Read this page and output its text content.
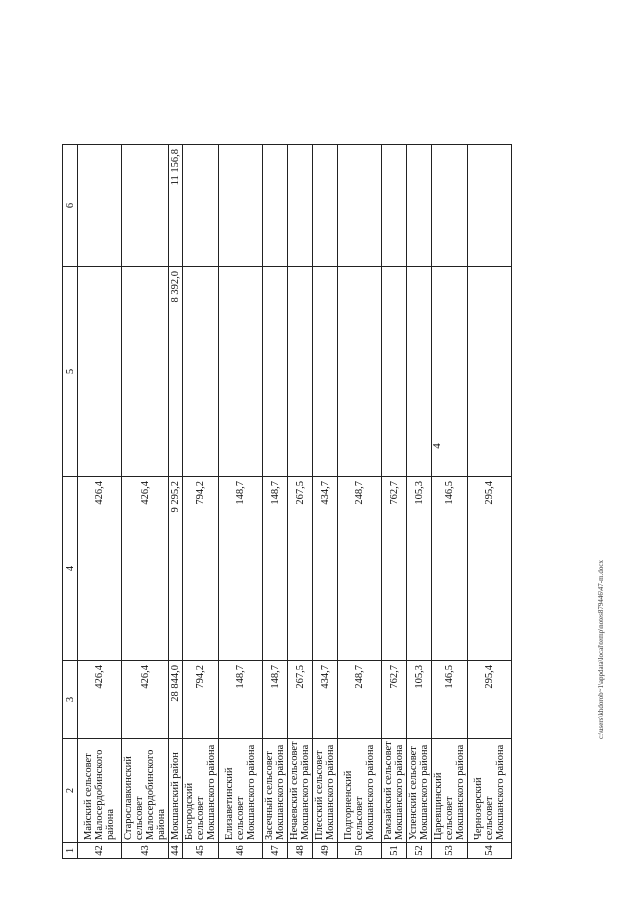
4
c:\users\khdorob~1\appdata\local\temp\notes879446\47-m.docx
1	2	3	4	5	6
42	Майский сельсовет Малосердобинского района	426,4	426,4		
43	Старославкинский сельсовет Малосердобинского района	426,4	426,4		
44	Мокшанский район	28 844,0	9 295,2	8 392,0	11 156,8
45	Богородский сельсовет Мокшанского района	794,2	794,2		
46	Елизаветинский сельсовет Мокшанского района	148,7	148,7		
47	Засечный сельсовет Мокшанского района	148,7	148,7		
48	Нечаевский сельсовет Мокшанского района	267,5	267,5		
49	Плесский сельсовет Мокшанского района	434,7	434,7		
50	Подгорненский сельсовет Мокшанского района	248,7	248,7		
51	Рамзайский сельсовет Мокшанского района	762,7	762,7		
52	Успенский сельсовет Мокшанского района	105,3	105,3		
53	Царевщинский сельсовет Мокшанского района	146,5	146,5		
54	Чернозерский сельсовет Мокшанского района	295,4	295,4		
